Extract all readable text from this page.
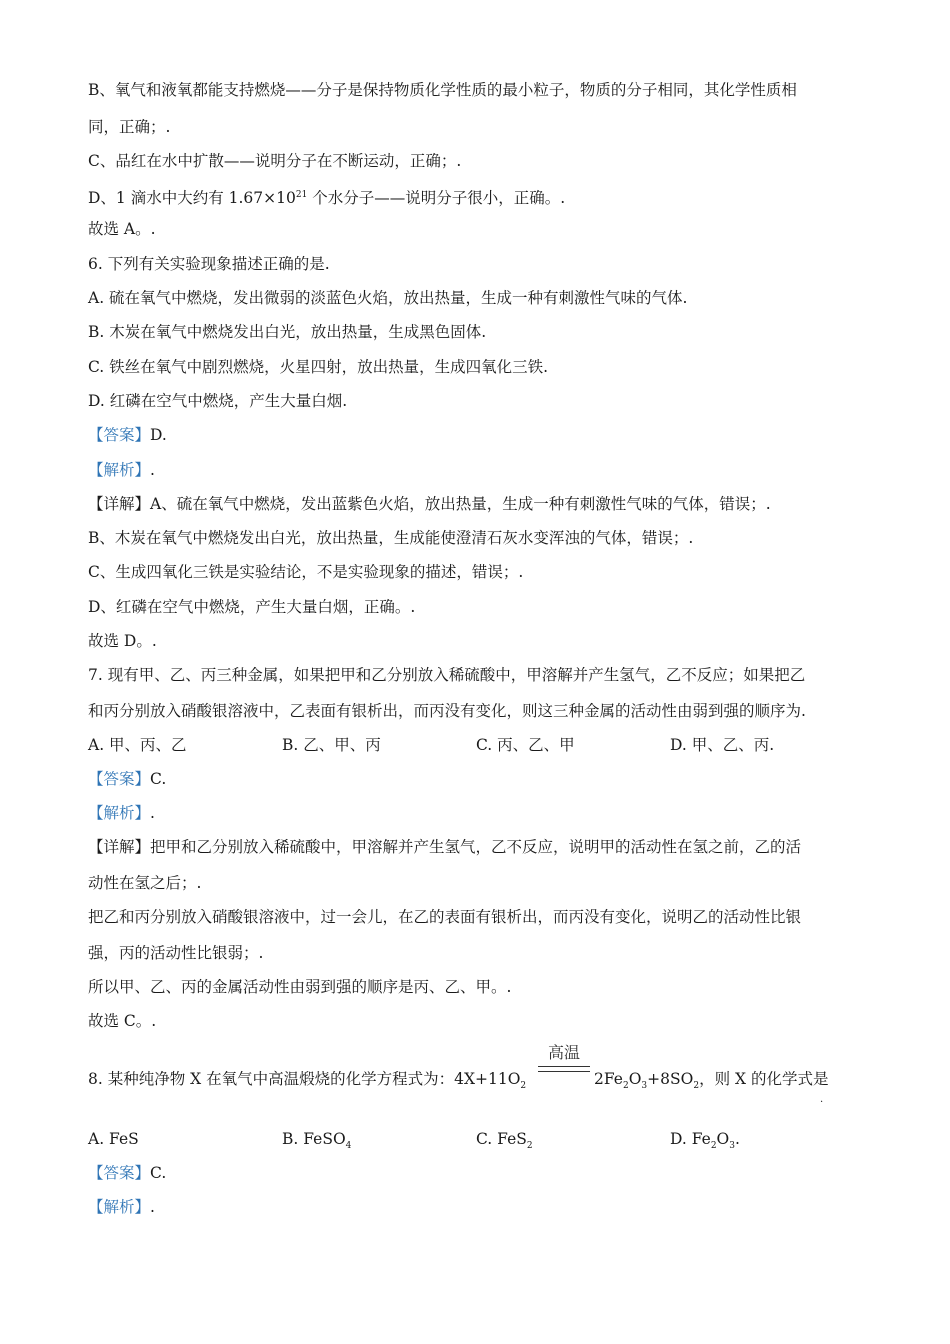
B、氧气和液氧都能支持燃烧——分子是保持物质化学性质的最小粒子，物质的分子相同，其化学性质相
同，正确；.
C、品红在水中扩散——说明分子在不断运动，正确；.
D、1 滴水中大约有 $1.67\times 10^{21}$ 个水分子——说明分子很小，正确。.
故选 A。.
6. 下列有关实验现象描述正确的是.
A. 硫在氧气中燃烧，发出微弱的淡蓝色火焰，放出热量，生成一种有刺激性气味的气体.
B. 木炭在氧气中燃烧发出白光，放出热量，生成黑色固体.
C. 铁丝在氧气中剧烈燃烧，火星四射，放出热量，生成四氧化三铁.
D. 红磷在空气中燃烧，产生大量白烟.
【答案】D.
【解析】.
【详解】A、硫在氧气中燃烧，发出蓝紫色火焰，放出热量，生成一种有刺激性气味的气体，错误；.
B、木炭在氧气中燃烧发出白光，放出热量，生成能使澄清石灰水变浑浊的气体，错误；.
C、生成四氧化三铁是实验结论，不是实验现象的描述，错误；.
D、红磷在空气中燃烧，产生大量白烟，正确。.
故选 D。.
7. 现有甲、乙、丙三种金属，如果把甲和乙分别放入稀硫酸中，甲溶解并产生氢气，乙不反应；如果把乙
和丙分别放入硝酸银溶液中，乙表面有银析出，而丙没有变化，则这三种金属的活动性由弱到强的顺序为.
A. 甲、丙、乙	B. 乙、甲、丙	C. 丙、乙、甲	D. 甲、乙、丙.
【答案】C.
【解析】.
【详解】把甲和乙分别放入稀硫酸中，甲溶解并产生氢气，乙不反应，说明甲的活动性在氢之前，乙的活
动性在氢之后；.
把乙和丙分别放入硝酸银溶液中，过一会儿，在乙的表面有银析出，而丙没有变化，说明乙的活动性比银
强，丙的活动性比银弱；.
所以甲、乙、丙的金属活动性由弱到强的顺序是丙、乙、甲。.
故选 C。.
高温
8. 某种纯净物 X 在氧气中高温煅烧的化学方程式为：$4X+11O_2$	$2Fe_2O_3+8SO_2$，则 X 的化学式是
.
A. FeS	B. FeSO$_4$	C. FeS$_2$	D. $Fe_2O_3$.
【答案】C.
【解析】.
